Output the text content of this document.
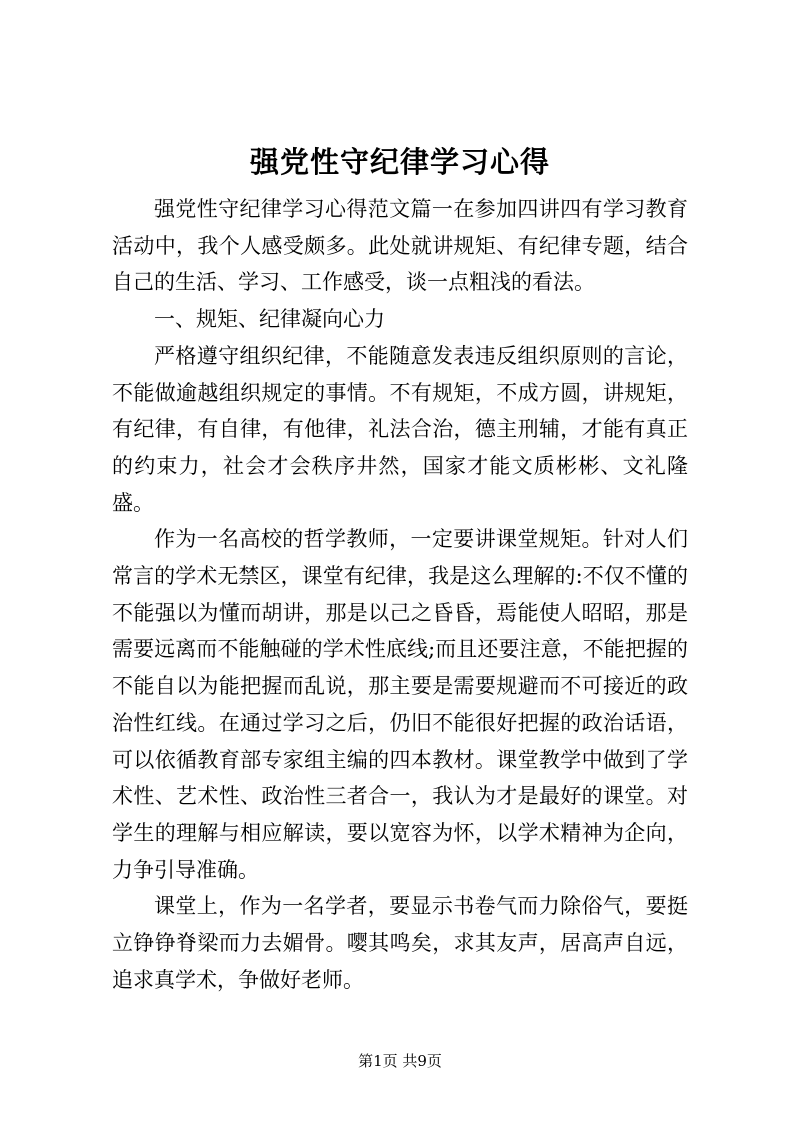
强党性守纪律学习心得

强党性守纪律学习心得范文篇一在参加四讲四有学习教育活动中，我个人感受颇多。此处就讲规矩、有纪律专题，结合自己的生活、学习、工作感受，谈一点粗浅的看法。

一、规矩、纪律凝向心力

严格遵守组织纪律，不能随意发表违反组织原则的言论，不能做逾越组织规定的事情。不有规矩，不成方圆，讲规矩，有纪律，有自律，有他律，礼法合治，德主刑辅，才能有真正的约束力，社会才会秩序井然，国家才能文质彬彬、文礼隆盛。

作为一名高校的哲学教师，一定要讲课堂规矩。针对人们常言的学术无禁区，课堂有纪律，我是这么理解的:不仅不懂的不能强以为懂而胡讲，那是以己之昏昏，焉能使人昭昭，那是需要远离而不能触碰的学术性底线;而且还要注意，不能把握的不能自以为能把握而乱说，那主要是需要规避而不可接近的政治性红线。在通过学习之后，仍旧不能很好把握的政治话语，可以依循教育部专家组主编的四本教材。课堂教学中做到了学术性、艺术性、政治性三者合一，我认为才是最好的课堂。对学生的理解与相应解读，要以宽容为怀，以学术精神为企向，力争引导准确。

课堂上，作为一名学者，要显示书卷气而力除俗气，要挺立铮铮脊梁而力去媚骨。嘤其鸣矣，求其友声，居高声自远，追求真学术，争做好老师。

第1页 共9页
